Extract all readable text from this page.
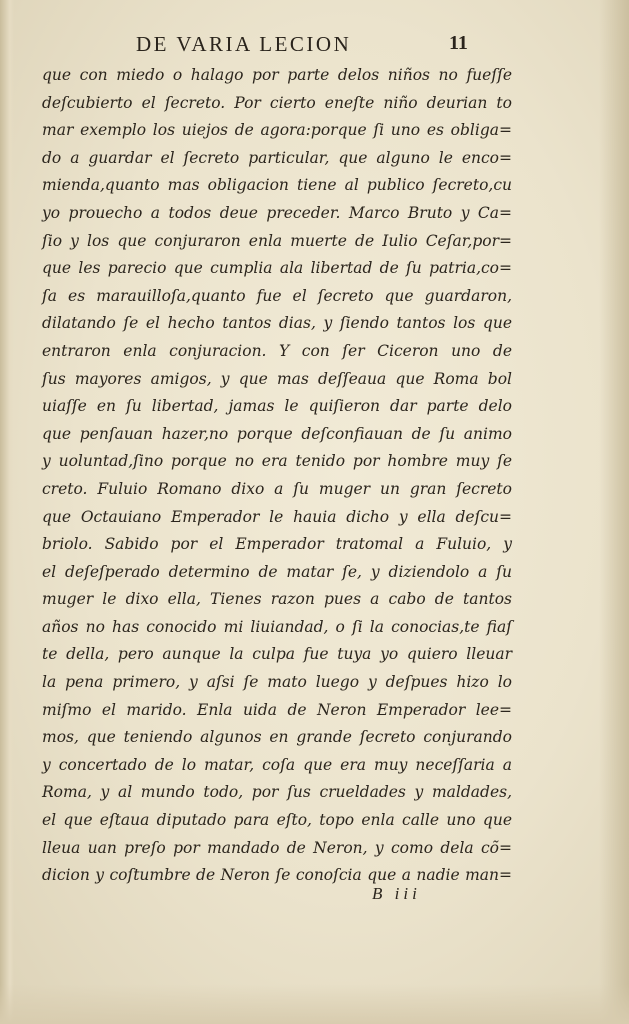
DE VARIA LECION	11
que con miedo o halago por parte delos niños no fueſſe
deſcubierto el ſecreto. Por cierto eneſte niño deurian to
mar exemplo los uiejos de agora:porque ſi uno es obliga=
do a guardar el ſecreto particular, que alguno le enco=
mienda,quanto mas obligacion tiene al publico ſecreto,cu
yo prouecho a todos deue preceder. Marco Bruto y Ca=
ſio y los que conjuraron enla muerte de Iulio Ceſar,por=
que les parecio que cumplia ala libertad de ſu patria,co=
ſa es marauilloſa,quanto fue el ſecreto que guardaron,
dilatando ſe el hecho tantos dias, y ſiendo tantos los que
entraron enla conjuracion. Y con ſer Ciceron uno de
ſus mayores amigos, y que mas deſſeaua que Roma bol
uiaſſe en ſu libertad, jamas le quiſieron dar parte delo
que penſauan hazer,no porque deſconfiauan de ſu animo
y uoluntad,ſino porque no era tenido por hombre muy ſe
creto. Fuluio Romano dixo a ſu muger un gran ſecreto
que Octauiano Emperador le hauia dicho y ella deſcu=
briolo. Sabido por el Emperador tratomal a Fuluio, y
el deſeſperado determino de matar ſe, y diziendolo a ſu
muger le dixo ella, Tienes razon pues a cabo de tantos
años no has conocido mi liuiandad, o ſi la conocias,te fiaſ
te della, pero aunque la culpa fue tuya yo quiero lleuar
la pena primero, y aſsi ſe mato luego y deſpues hizo lo
miſmo el marido. Enla uida de Neron Emperador lee=
mos, que teniendo algunos en grande ſecreto conjurando
y concertado de lo matar, coſa que era muy neceſſaria a
Roma, y al mundo todo, por ſus crueldades y maldades,
el que eſtaua diputado para eſto, topo enla calle uno que
lleua uan preſo por mandado de Neron, y como dela cõ=
dicion y coſtumbre de Neron ſe conoſcia que a nadie man=
B iii
